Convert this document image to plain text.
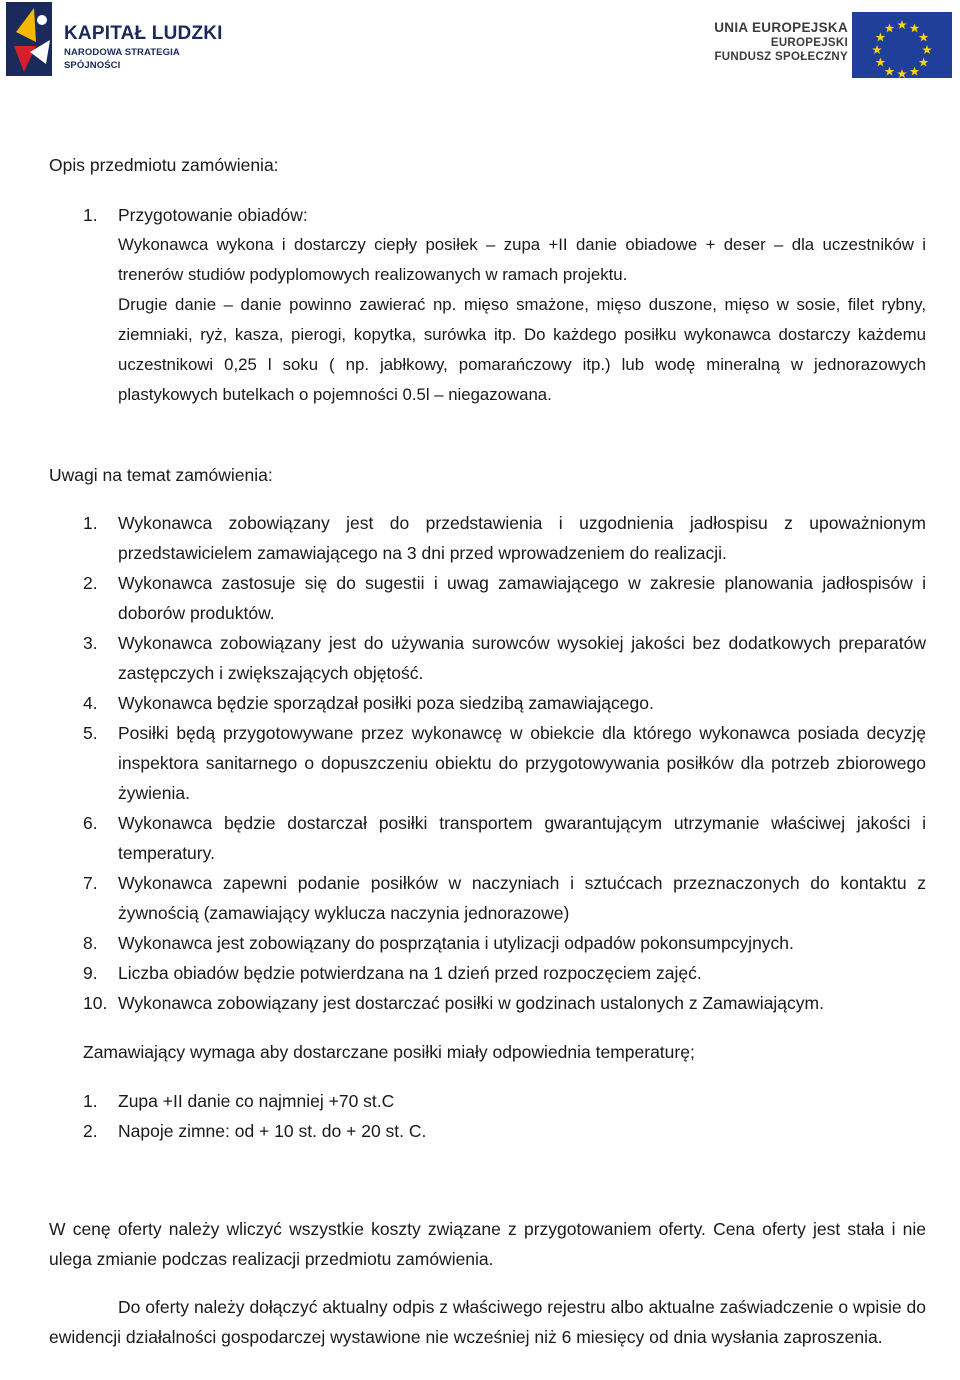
KAPITAŁ LUDZKI
NARODOWA STRATEGIA SPÓJNOŚCI
UNIA EUROPEJSKA
EUROPEJSKI
FUNDUSZ SPOŁECZNY
Opis przedmiotu zamówienia:
1. Przygotowanie obiadów:
Wykonawca wykona i dostarczy ciepły posiłek – zupa +II danie obiadowe + deser – dla uczestników i trenerów studiów podyplomowych realizowanych w ramach projektu.
Drugie danie – danie powinno zawierać np. mięso smażone, mięso duszone, mięso w sosie, filet rybny, ziemniaki, ryż, kasza, pierogi, kopytka, surówka itp. Do każdego posiłku wykonawca dostarczy każdemu uczestnikowi 0,25 l soku ( np. jabłkowy, pomarańczowy itp.) lub wodę mineralną w jednorazowych plastykowych butelkach o pojemności 0.5l – niegazowana.
Uwagi na temat zamówienia:
1. Wykonawca zobowiązany jest do przedstawienia i uzgodnienia jadłospisu z upoważnionym przedstawicielem zamawiającego na 3 dni przed wprowadzeniem do realizacji.
2. Wykonawca zastosuje się do sugestii i uwag zamawiającego w zakresie planowania jadłospisów i doborów produktów.
3. Wykonawca zobowiązany jest do używania surowców wysokiej jakości bez dodatkowych preparatów zastępczych i zwiększających objętość.
4. Wykonawca będzie sporządzał posiłki poza siedzibą zamawiającego.
5. Posiłki będą przygotowywane przez wykonawcę w obiekcie dla którego wykonawca posiada decyzję inspektora sanitarnego o dopuszczeniu obiektu do przygotowywania posiłków dla potrzeb zbiorowego żywienia.
6. Wykonawca będzie dostarczał posiłki transportem gwarantującym utrzymanie właściwej jakości i temperatury.
7. Wykonawca zapewni podanie posiłków w naczyniach i sztućcach przeznaczonych do kontaktu z żywnością (zamawiający wyklucza naczynia jednorazowe)
8. Wykonawca jest zobowiązany do posprzątania i utylizacji odpadów pokonsumpcyjnych.
9. Liczba obiadów będzie potwierdzana na 1 dzień przed rozpoczęciem zajęć.
10. Wykonawca zobowiązany jest dostarczać posiłki w godzinach ustalonych z Zamawiającym.
Zamawiający wymaga aby dostarczane posiłki miały odpowiednia temperaturę;
1. Zupa +II danie co najmniej +70 st.C
2. Napoje zimne: od + 10 st. do + 20 st. C.
W cenę oferty należy wliczyć wszystkie koszty związane z przygotowaniem oferty. Cena oferty jest stała i nie ulega zmianie podczas realizacji przedmiotu zamówienia.
Do oferty należy dołączyć aktualny odpis z właściwego rejestru albo aktualne zaświadczenie o wpisie do ewidencji działalności gospodarczej wystawione nie wcześniej niż 6 miesięcy od dnia wysłania zaproszenia.
